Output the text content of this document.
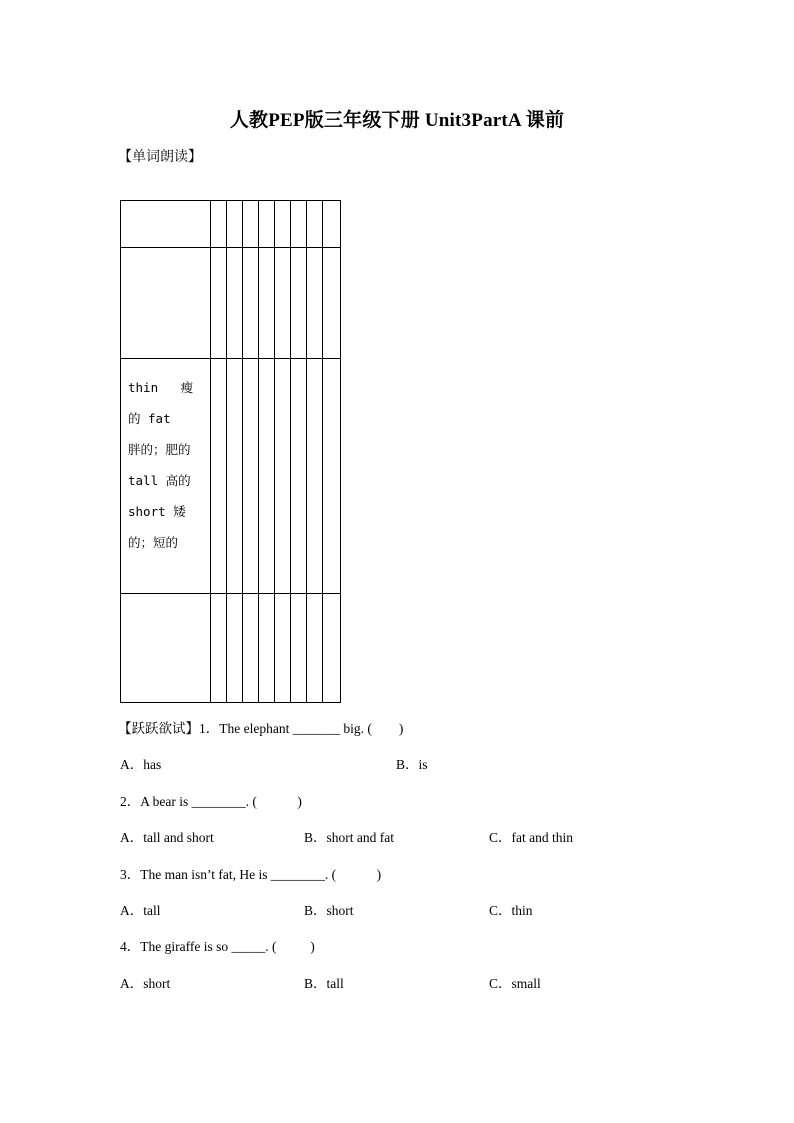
人教PEP版三年级下册 Unit3PartA 课前
【单词朗读】
thin   瘦
的 fat
胖的；肥的
tall 高的
short 矮
的；短的
【跃跃欲试】1．The elephant _______ big. (        )
A．has	B．is
2．A bear is ________. (            )
A．tall and short	B．short and fat	C．fat and thin
3．The man isn’t fat, He is ________. (            )
A．tall	B．short	C．thin
4．The giraffe is so _____. (          )
A．short	B．tall	C．small
